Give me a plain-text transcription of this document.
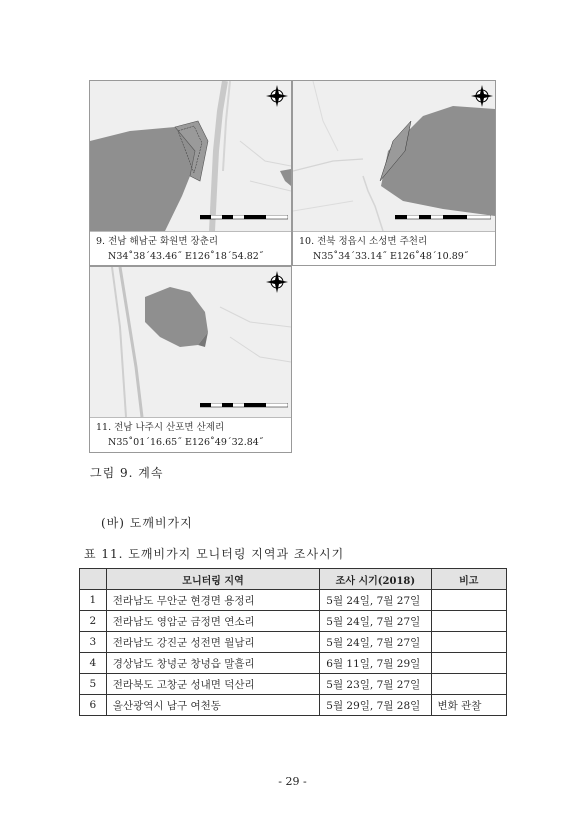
9. 전남 해남군 화원면 장춘리
N34˚38´43.46˝ E126˚18´54.82˝
10. 전북 정읍시 소성면 주천리
N35˚34´33.14˝ E126˚48´10.89˝
11. 전남 나주시 산포면 산제리
N35˚01´16.65˝ E126˚49´32.84˝
그림 9. 계속
(바) 도깨비가지
표 11. 도깨비가지 모니터링 지역과 조사시기
	모니터링 지역	조사 시기(2018)	비고
1	전라남도 무안군 현경면 용정리	5월 24일, 7월 27일	
2	전라남도 영암군 금정면 연소리	5월 24일, 7월 27일	
3	전라남도 강진군 성전면 월남리	5월 24일, 7월 27일	
4	경상남도 창녕군 창녕읍 말흘리	6월 11일, 7월 29일	
5	전라북도 고창군 성내면 덕산리	5월 23일, 7월 27일	
6	울산광역시 남구 여천동	5월 29일, 7월 28일	변화 관찰
- 29 -
